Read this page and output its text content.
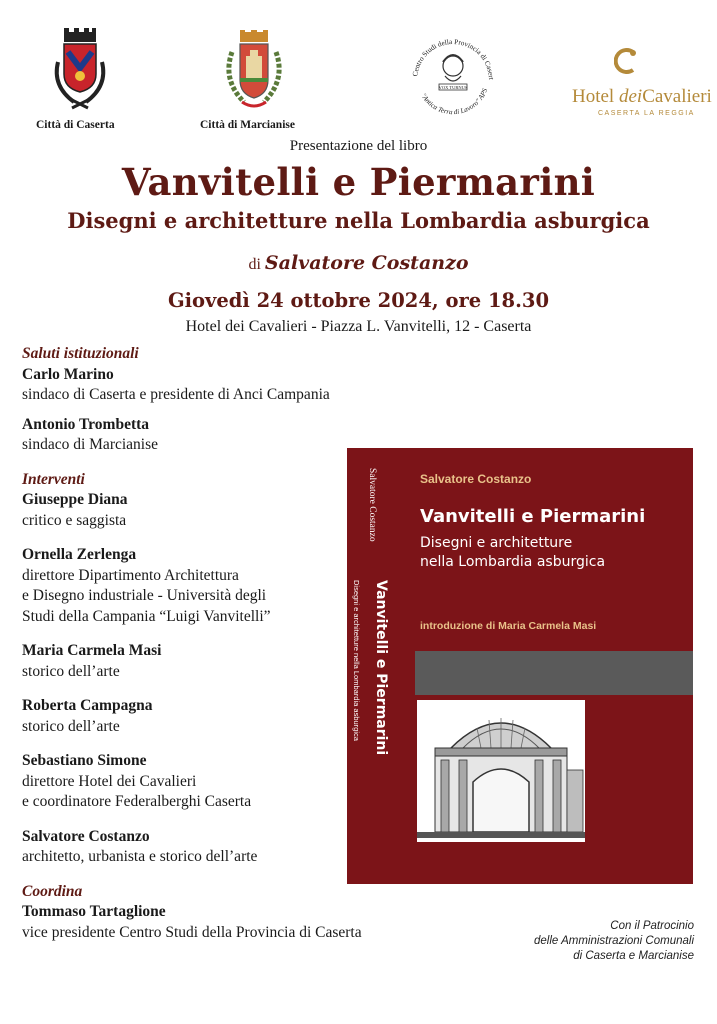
Città di Caserta	Città di Marcianise
Centro Studi della Provincia di Casert
"Antica Terra di Lavoro" APS
VOX TURNUS	Hotel deiCavalieri
CASERTA LA REGGIA
Presentazione del libro
Vanvitelli e Piermarini
Disegni e architetture nella Lombardia asburgica
di Salvatore Costanzo
Giovedì 24 ottobre 2024, ore 18.30
Hotel dei Cavalieri - Piazza L. Vanvitelli, 12 - Caserta
Saluti istituzionali
Carlo Marino
sindaco di Caserta e presidente di Anci Campania
Antonio Trombetta
sindaco di Marcianise
Interventi
Giuseppe Diana
critico e saggista
Ornella Zerlenga
direttore Dipartimento Architettura
e Disegno industriale - Università degli
Studi della Campania “Luigi Vanvitelli”
Maria Carmela Masi
storico dell’arte
Roberta Campagna
storico dell’arte
Sebastiano Simone
direttore Hotel dei Cavalieri
e coordinatore Federalberghi Caserta
Salvatore Costanzo
architetto, urbanista e storico dell’arte
Coordina
Tommaso Tartaglione
vice presidente Centro Studi della Provincia di Caserta
Salvatore Costanzo
Vanvitelli e Piermarini
Disegni e architetture nella Lombardia asburgica
Salvatore Costanzo
Vanvitelli e Piermarini
Disegni e architetture
nella Lombardia asburgica
introduzione di Maria Carmela Masi
Con il Patrocinio
delle Amministrazioni Comunali
di Caserta e Marcianise
